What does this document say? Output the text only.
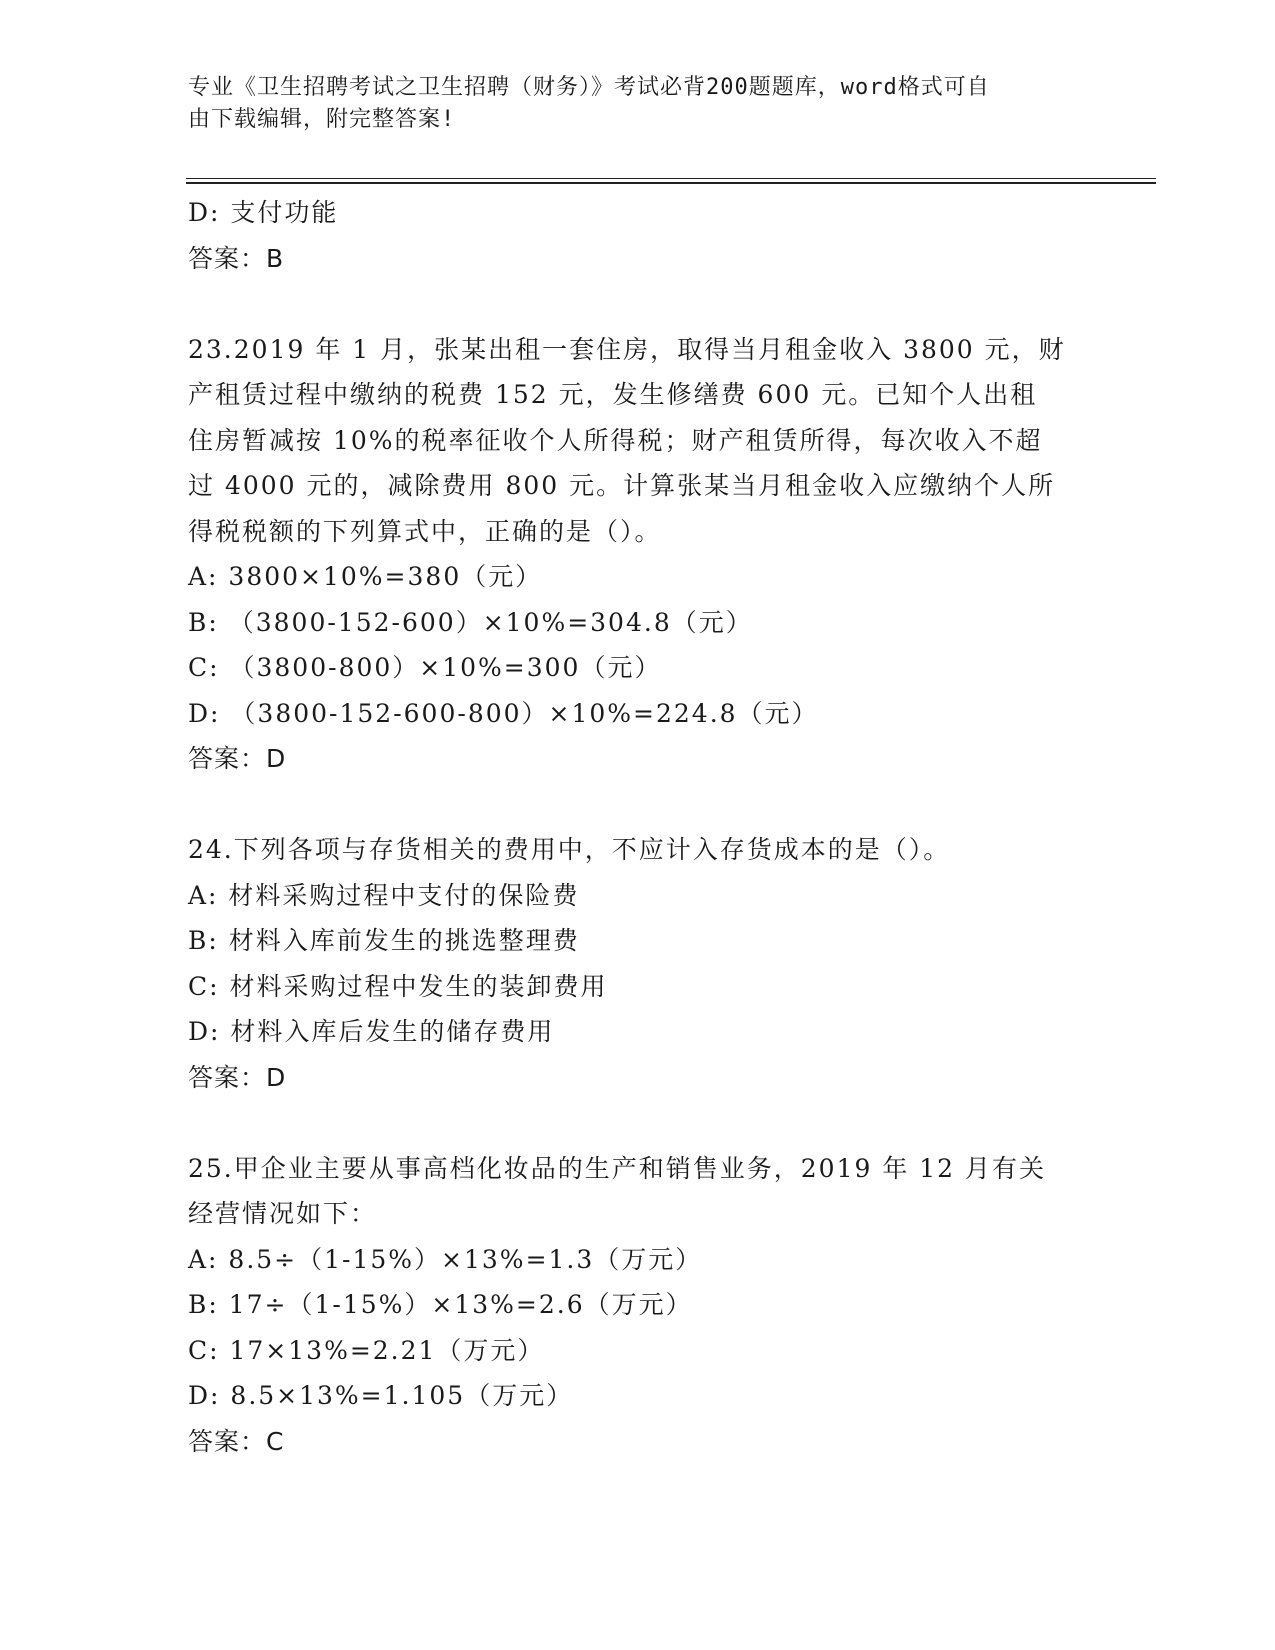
专业《卫生招聘考试之卫生招聘（财务）》考试必背200题题库，word格式可自
由下载编辑，附完整答案!
D: 支付功能
答案：B
23.2019 年 1 月，张某出租一套住房，取得当月租金收入 3800 元，财
产租赁过程中缴纳的税费 152 元，发生修缮费 600 元。已知个人出租
住房暂减按 10%的税率征收个人所得税；财产租赁所得，每次收入不超
过 4000 元的，减除费用 800 元。计算张某当月租金收入应缴纳个人所
得税税额的下列算式中，正确的是（）。
A: 3800×10%=380（元）
B: （3800-152-600）×10%=304.8（元）
C: （3800-800）×10%=300（元）
D: （3800-152-600-800）×10%=224.8（元）
答案：D
24.下列各项与存货相关的费用中，不应计入存货成本的是（）。
A: 材料采购过程中支付的保险费
B: 材料入库前发生的挑选整理费
C: 材料采购过程中发生的装卸费用
D: 材料入库后发生的储存费用
答案：D
25.甲企业主要从事高档化妆品的生产和销售业务，2019 年 12 月有关
经营情况如下：
A: 8.5÷（1-15%）×13%=1.3（万元）
B: 17÷（1-15%）×13%=2.6（万元）
C: 17×13%=2.21（万元）
D: 8.5×13%=1.105（万元）
答案：C
